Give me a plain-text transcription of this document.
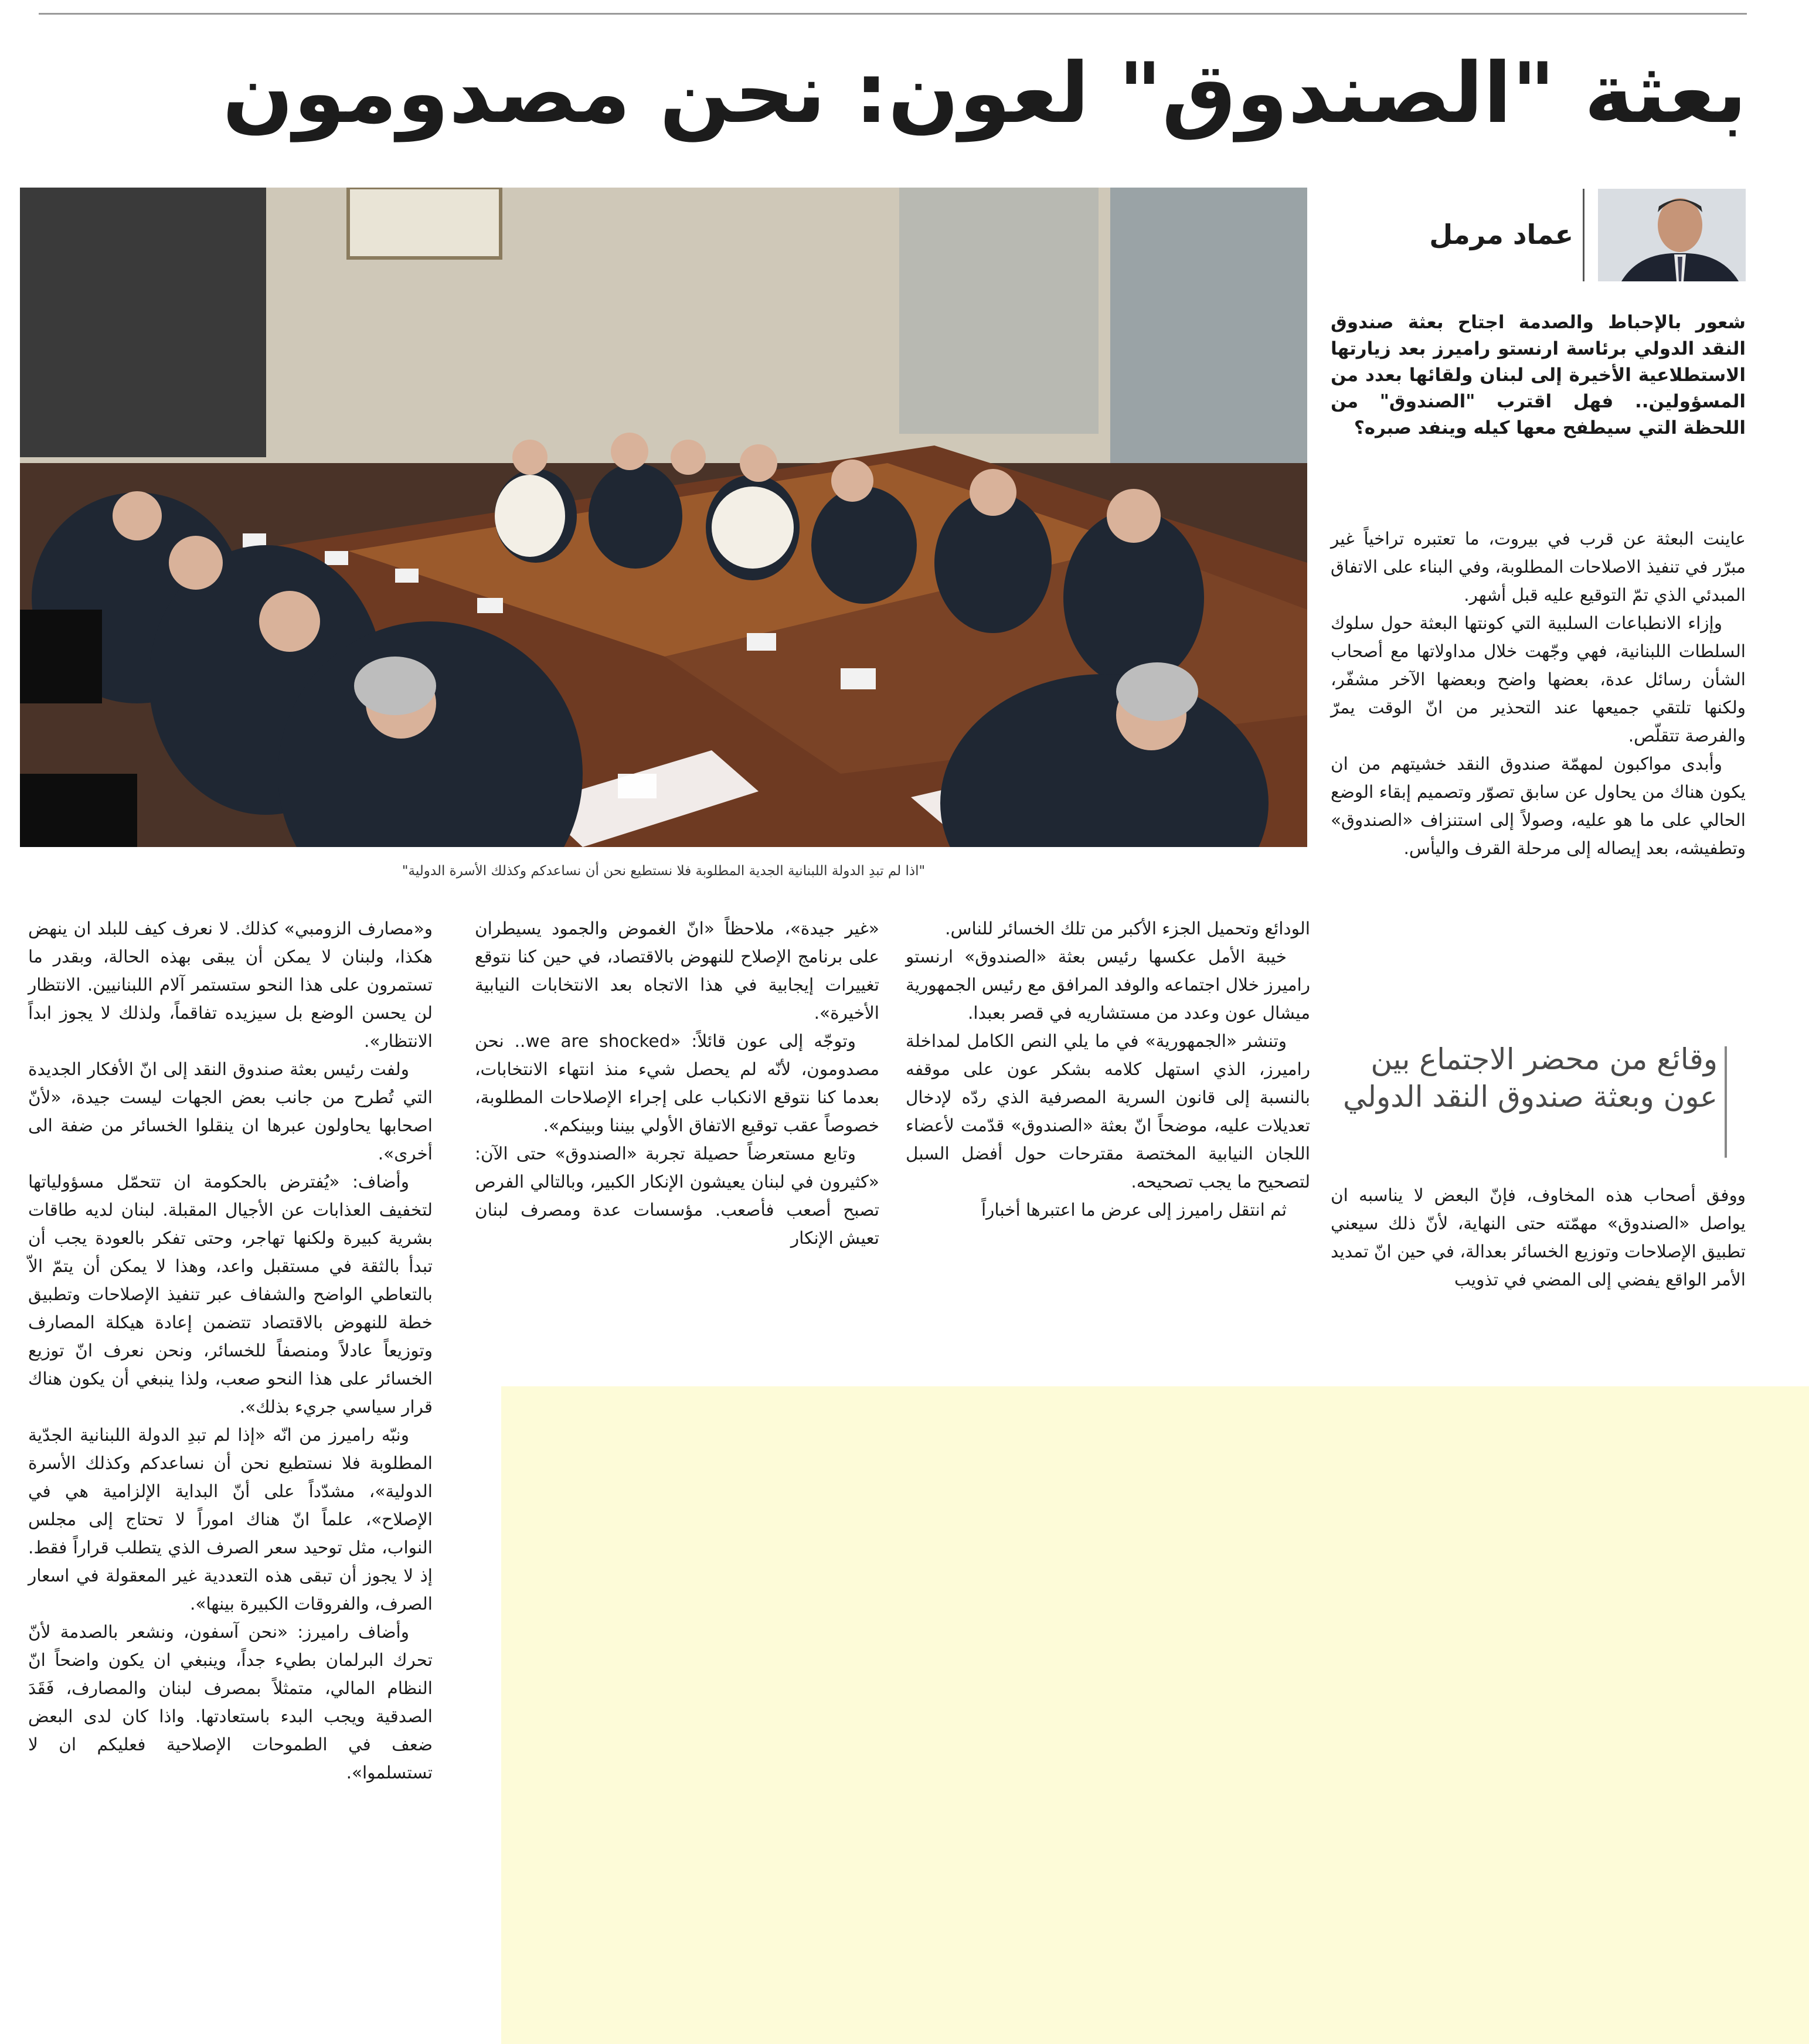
بعثة "الصندوق" لعون: نحن مصدومون
"اذا لم تبدِ الدولة اللبنانية الجدية المطلوبة فلا نستطيع نحن أن نساعدكم وكذلك الأسرة الدولية"
عماد مرمل
شعور بالإحباط والصدمة اجتاح بعثة صندوق النقد الدولي برئاسة ارنستو راميرز بعد زيارتها الاستطلاعية الأخيرة إلى لبنان ولقائها بعدد من المسؤولين.. فهل اقترب "الصندوق" من اللحظة التي سيطفح معها كيله وينفد صبره؟

عاينت البعثة عن قرب في بيروت، ما تعتبره تراخياً غير مبرّر في تنفيذ الاصلاحات المطلوبة، وفي البناء على الاتفاق المبدئي الذي تمّ التوقيع عليه قبل أشهر.

وإزاء الانطباعات السلبية التي كونتها البعثة حول سلوك السلطات اللبنانية، فهي وجّهت خلال مداولاتها مع أصحاب الشأن رسائل عدة، بعضها واضح وبعضها الآخر مشفّر، ولكنها تلتقي جميعها عند التحذير من انّ الوقت يمرّ والفرصة تتقلّص.

وأبدى مواكبون لمهمّة صندوق النقد خشيتهم من ان يكون هناك من يحاول عن سابق تصوّر وتصميم إبقاء الوضع الحالي على ما هو عليه، وصولاً إلى استنزاف «الصندوق» وتطفيشه، بعد إيصاله إلى مرحلة القرف واليأس.

وقائع من محضر الاجتماع بين عون وبعثة صندوق النقد الدولي

ووفق أصحاب هذه المخاوف، فإنّ البعض لا يناسبه ان يواصل «الصندوق» مهمّته حتى النهاية، لأنّ ذلك سيعني تطبيق الإصلاحات وتوزيع الخسائر بعدالة، في حين انّ تمديد الأمر الواقع يفضي إلى المضي في تذويب

الودائع وتحميل الجزء الأكبر من تلك الخسائر للناس.

خيبة الأمل عكسها رئيس بعثة «الصندوق» ارنستو راميرز خلال اجتماعه والوفد المرافق مع رئيس الجمهورية ميشال عون وعدد من مستشاريه في قصر بعبدا.

وتنشر «الجمهورية» في ما يلي النص الكامل لمداخلة راميرز، الذي استهل كلامه بشكر عون على موقفه بالنسبة إلى قانون السرية المصرفية الذي ردّه لإدخال تعديلات عليه، موضحاً انّ بعثة «الصندوق» قدّمت لأعضاء اللجان النيابية المختصة مقترحات حول أفضل السبل لتصحيح ما يجب تصحيحه.

ثم انتقل راميرز إلى عرض ما اعتبرها أخباراً

«غير جيدة»، ملاحظاً «انّ الغموض والجمود يسيطران على برنامج الإصلاح للنهوض بالاقتصاد، في حين كنا نتوقع تغييرات إيجابية في هذا الاتجاه بعد الانتخابات النيابية الأخيرة».

وتوجّه إلى عون قائلاً: «we are shocked.. نحن مصدومون، لأنّه لم يحصل شيء منذ انتهاء الانتخابات، بعدما كنا نتوقع الانكباب على إجراء الإصلاحات المطلوبة، خصوصاً عقب توقيع الاتفاق الأولي بيننا وبينكم».

وتابع مستعرضاً حصيلة تجربة «الصندوق» حتى الآن: «كثيرون في لبنان يعيشون الإنكار الكبير، وبالتالي الفرص تصبح أصعب فأصعب. مؤسسات عدة ومصرف لبنان تعيش الإنكار

و«مصارف الزومبي» كذلك. لا نعرف كيف للبلد ان ينهض هكذا، ولبنان لا يمكن أن يبقى بهذه الحالة، وبقدر ما تستمرون على هذا النحو ستستمر آلام اللبنانيين. الانتظار لن يحسن الوضع بل سيزيده تفاقماً، ولذلك لا يجوز ابداً الانتظار».

ولفت رئيس بعثة صندوق النقد إلى انّ الأفكار الجديدة التي تُطرح من جانب بعض الجهات ليست جيدة، «لأنّ اصحابها يحاولون عبرها ان ينقلوا الخسائر من ضفة الى أخرى».

وأضاف: «يُفترض بالحكومة ان تتحمّل مسؤولياتها لتخفيف العذابات عن الأجيال المقبلة. لبنان لديه طاقات بشرية كبيرة ولكنها تهاجر، وحتى تفكر بالعودة يجب أن تبدأ بالثقة في مستقبل واعد، وهذا لا يمكن أن يتمّ الاّ بالتعاطي الواضح والشفاف عبر تنفيذ الإصلاحات وتطبيق خطة للنهوض بالاقتصاد تتضمن إعادة هيكلة المصارف وتوزيعاً عادلاً ومنصفاً للخسائر، ونحن نعرف انّ توزيع الخسائر على هذا النحو صعب، ولذا ينبغي أن يكون هناك قرار سياسي جريء بذلك».

ونبّه راميرز من انّه «إذا لم تبدِ الدولة اللبنانية الجدّية المطلوبة فلا نستطيع نحن أن نساعدكم وكذلك الأسرة الدولية»، مشدّداً على أنّ البداية الإلزامية هي في الإصلاح»، علماً انّ هناك اموراً لا تحتاج إلى مجلس النواب، مثل توحيد سعر الصرف الذي يتطلب قراراً فقط. إذ لا يجوز أن تبقى هذه التعددية غير المعقولة في اسعار الصرف، والفروقات الكبيرة بينها».

وأضاف راميرز: «نحن آسفون، ونشعر بالصدمة لأنّ تحرك البرلمان بطيء جداً، وينبغي ان يكون واضحاً انّ النظام المالي، متمثلاً بمصرف لبنان والمصارف، فَقَدَ الصدقية ويجب البدء باستعادتها. واذا كان لدى البعض ضعف في الطموحات الإصلاحية فعليكم ان لا تستسلموا».
